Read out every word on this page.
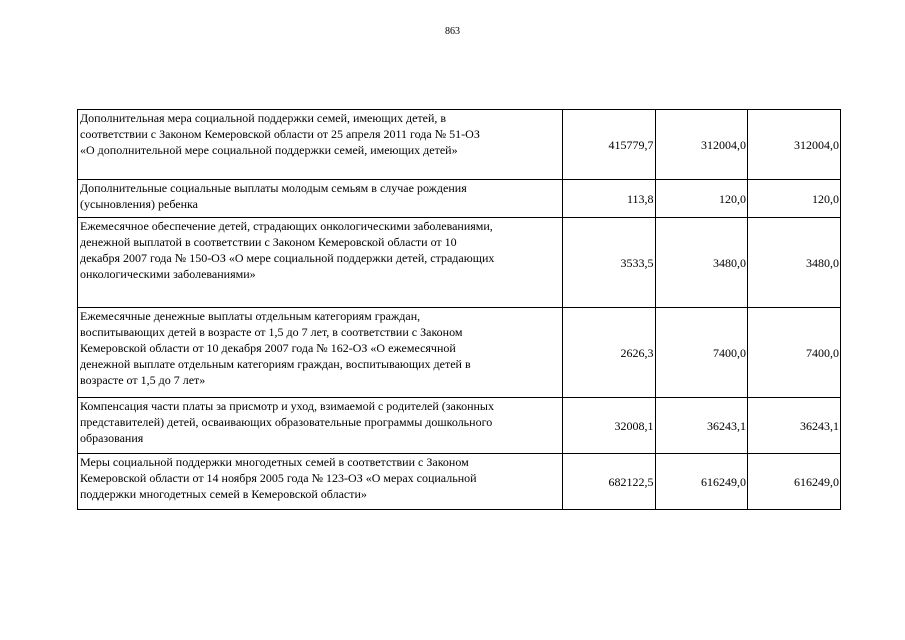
863
Дополнительная мера социальной поддержки семей, имеющих детей, в
соответствии с Законом Кемеровской области от 25 апреля 2011 года № 51-ОЗ
«О дополнительной мере социальной поддержки семей, имеющих детей»	415779,7	312004,0	312004,0

Дополнительные социальные выплаты молодым семьям в случае рождения
(усыновления) ребенка	113,8	120,0	120,0

Ежемесячное обеспечение детей, страдающих онкологическими заболеваниями,
денежной выплатой в соответствии с Законом Кемеровской области от 10
декабря 2007 года № 150-ОЗ «О мере социальной поддержки детей, страдающих
онкологическими заболеваниями»	3533,5	3480,0	3480,0

Ежемесячные денежные выплаты отдельным категориям граждан,
воспитывающих детей в возрасте от 1,5 до 7 лет, в соответствии с Законом
Кемеровской области от 10 декабря 2007 года № 162-ОЗ «О ежемесячной
денежной выплате отдельным категориям граждан, воспитывающих детей в
возрасте от 1,5 до 7 лет»	2626,3	7400,0	7400,0

Компенсация части платы за присмотр и уход, взимаемой с родителей (законных
представителей) детей, осваивающих образовательные программы дошкольного
образования	32008,1	36243,1	36243,1

Меры социальной поддержки многодетных семей в соответствии с Законом
Кемеровской области от 14 ноября 2005 года № 123-ОЗ «О мерах социальной
поддержки многодетных семей в Кемеровской области»	682122,5	616249,0	616249,0
